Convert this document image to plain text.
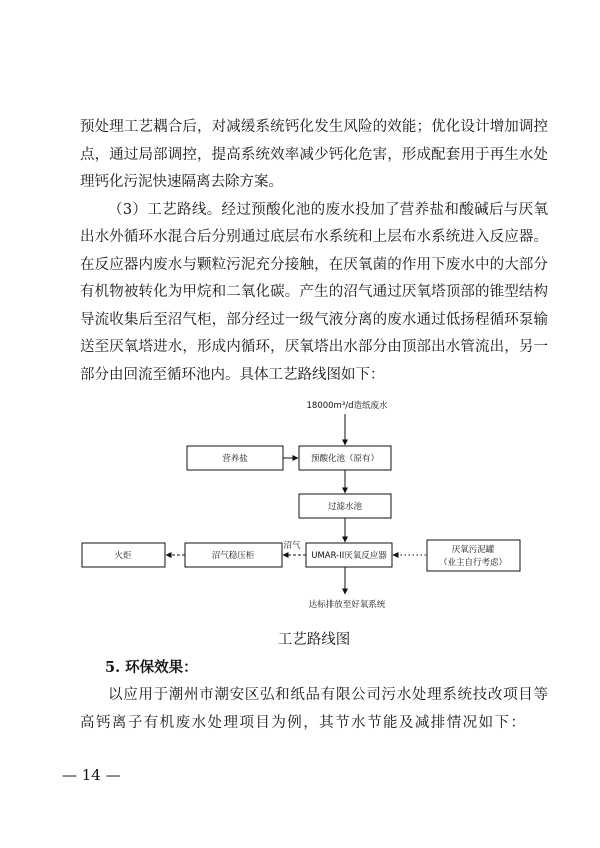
预处理工艺耦合后，对减缓系统钙化发生风险的效能；优化设计增加调控
点，通过局部调控，提高系统效率减少钙化危害，形成配套用于再生水处
理钙化污泥快速隔离去除方案。
（3）工艺路线。经过预酸化池的废水投加了营养盐和酸碱后与厌氧
出水外循环水混合后分别通过底层布水系统和上层布水系统进入反应器。
在反应器内废水与颗粒污泥充分接触，在厌氧菌的作用下废水中的大部分
有机物被转化为甲烷和二氧化碳。产生的沼气通过厌氧塔顶部的锥型结构
导流收集后至沼气柜，部分经过一级气液分离的废水通过低扬程循环泵输
送至厌氧塔进水，形成内循环，厌氧塔出水部分由顶部出水管流出，另一
部分由回流至循环池内。具体工艺路线图如下：
18000m³/d造纸废水
营养盐	预酸化池（原有）
过滤水池
UMAR-II厌氧反应器
沼气
沼气稳压柜
火炬
厌氧污泥罐
（业主自行考虑）
达标排放至好氧系统
工艺路线图
5. 环保效果：
以应用于潮州市潮安区弘和纸品有限公司污水处理系统技改项目等
高钙离子有机废水处理项目为例，其节水节能及减排情况如下：
— 14 —
